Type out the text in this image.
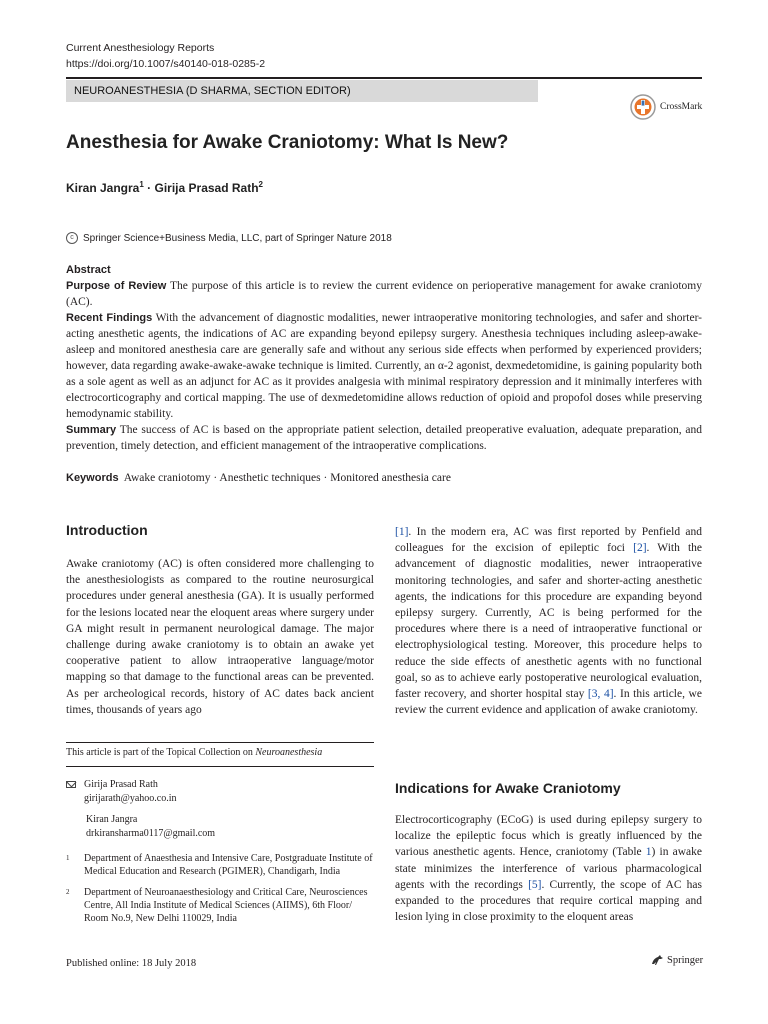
Current Anesthesiology Reports
https://doi.org/10.1007/s40140-018-0285-2
NEUROANESTHESIA (D SHARMA, SECTION EDITOR)
CrossMark
Anesthesia for Awake Craniotomy: What Is New?
Kiran Jangra$^1$ · Girija Prasad Rath$^2$
c Springer Science+Business Media, LLC, part of Springer Nature 2018

Abstract

Purpose of Review The purpose of this article is to review the current evidence on perioperative management for awake craniotomy (AC).

Recent Findings With the advancement of diagnostic modalities, newer intraoperative monitoring technologies, and safer and shorter-acting anesthetic agents, the indications of AC are expanding beyond epilepsy surgery. Anesthesia techniques including asleep-awake-asleep and monitored anesthesia care are generally safe and without any serious side effects when performed by experienced providers; however, data regarding awake-awake-awake technique is limited. Currently, an α-2 agonist, dexmedetomidine, is gaining popularity both as a sole agent as well as an adjunct for AC as it provides analgesia with minimal respiratory depression and it minimally interferes with electrocorticography and cortical mapping. The use of dexmedetomidine allows reduction of opioid and propofol doses while preserving hemodynamic stability.

Summary The success of AC is based on the appropriate patient selection, detailed preoperative evaluation, adequate preparation, and prevention, timely detection, and efficient management of the intraoperative complications.

Keywords Awake craniotomy · Anesthetic techniques · Monitored anesthesia care
Introduction

Awake craniotomy (AC) is often considered more challenging to the anesthesiologists as compared to the routine neurosurgical procedures under general anesthesia (GA). It is usually performed for the lesions located near the eloquent areas where surgery under GA might result in permanent neurological damage. The major challenge during awake craniotomy is to obtain an awake yet cooperative patient to allow intraoperative language/motor mapping so that damage to the functional areas can be prevented. As per archeological records, history of AC dates back ancient times, thousands of years ago

This article is part of the Topical Collection on Neuroanesthesia
Girija Prasad Rath
girijarath@yahoo.co.in
Kiran Jangra
drkiransharma0117@gmail.com
1 Department of Anaesthesia and Intensive Care, Postgraduate Institute of Medical Education and Research (PGIMER), Chandigarh, India
2 Department of Neuroanaesthesiology and Critical Care, Neurosciences Centre, All India Institute of Medical Sciences (AIIMS), 6th Floor/ Room No.9, New Delhi 110029, India

[1]. In the modern era, AC was first reported by Penfield and colleagues for the excision of epileptic foci [2]. With the advancement of diagnostic modalities, newer intraoperative monitoring technologies, and safer and shorter-acting anesthetic agents, the indications for this procedure are expanding beyond epilepsy surgery. Currently, AC is being performed for the procedures where there is a need of intraoperative functional or electrophysiological testing. Moreover, this procedure helps to reduce the side effects of anesthetic agents with no functional goal, so as to achieve early postoperative neurological evaluation, faster recovery, and shorter hospital stay [3, 4]. In this article, we review the current evidence and application of awake craniotomy.

Indications for Awake Craniotomy

Electrocorticography (ECoG) is used during epilepsy surgery to localize the epileptic focus which is greatly influenced by the various anesthetic agents. Hence, craniotomy (Table 1) in awake state minimizes the interference of various pharmacological agents with the recordings [5]. Currently, the scope of AC has expanded to the procedures that require cortical mapping and lesion lying in close proximity to the eloquent areas

Published online: 18 July 2018	Springer
